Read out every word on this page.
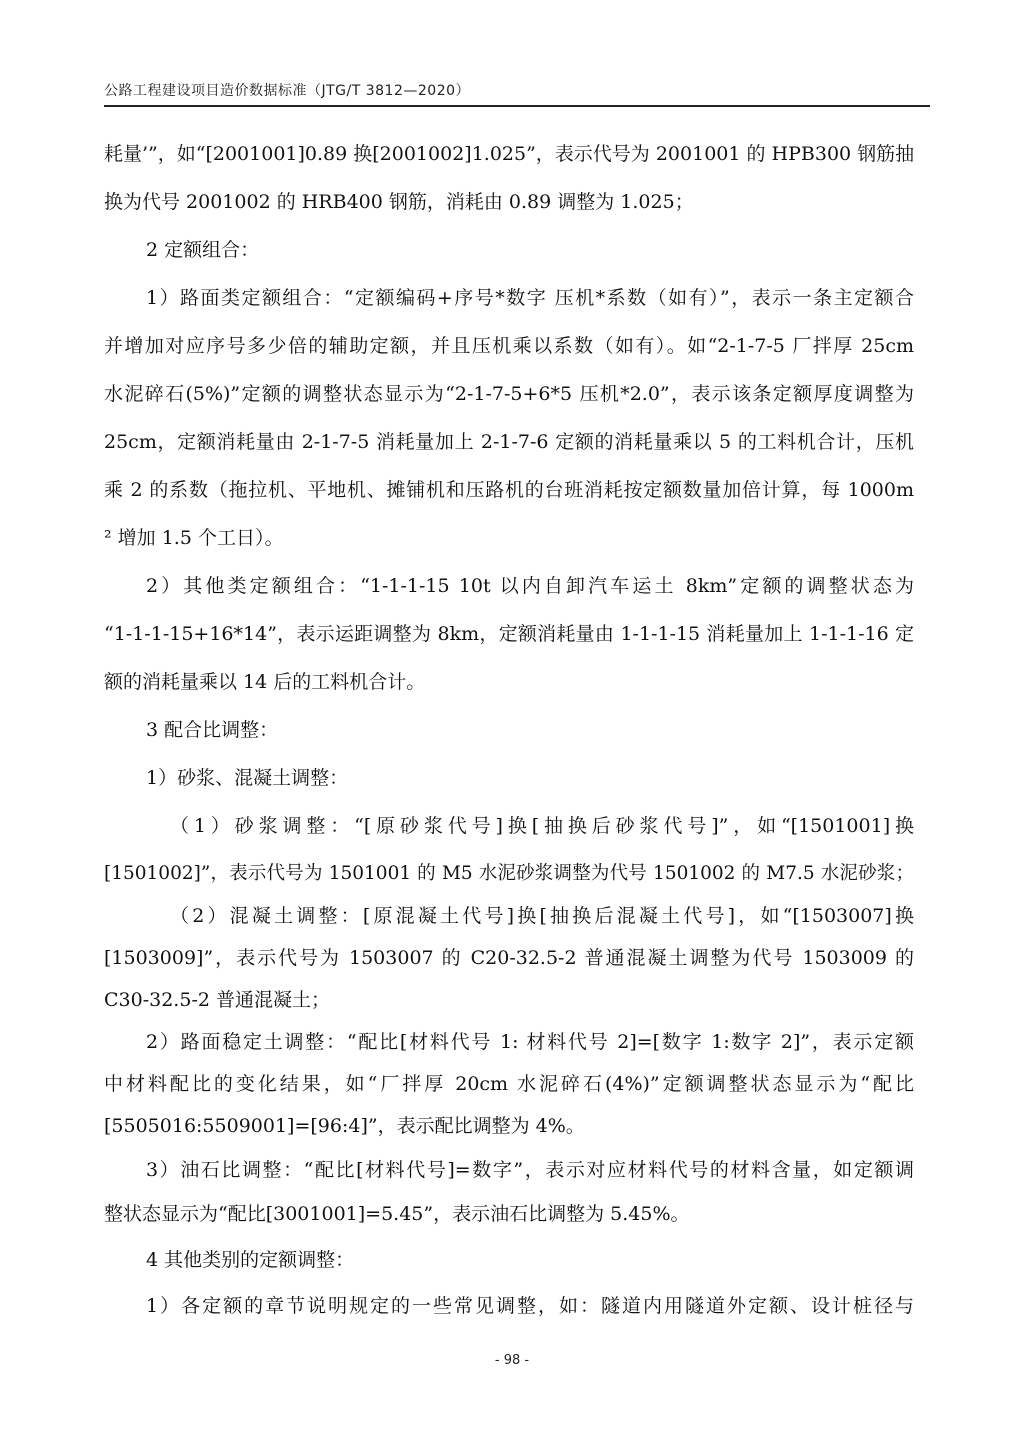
公路工程建设项目造价数据标准（JTG/T 3812—2020）
耗量’”，如“[2001001]0.89 换[2001002]1.025”，表示代号为 2001001 的 HPB300 钢筋抽
换为代号 2001002 的 HRB400 钢筋，消耗由 0.89 调整为 1.025；
2 定额组合：
1）路面类定额组合：“定额编码+序号*数字 压机*系数（如有）”，表示一条主定额合
并增加对应序号多少倍的辅助定额，并且压机乘以系数（如有）。如“2-1-7-5 厂拌厚 25cm
水泥碎石(5%)”定额的调整状态显示为“2-1-7-5+6*5 压机*2.0”，表示该条定额厚度调整为
25cm，定额消耗量由 2-1-7-5 消耗量加上 2-1-7-6 定额的消耗量乘以 5 的工料机合计，压机
乘 2 的系数（拖拉机、平地机、摊铺机和压路机的台班消耗按定额数量加倍计算，每 1000m
² 增加 1.5 个工日）。
2）其他类定额组合：“1-1-1-15 10t 以内自卸汽车运土 8km”定额的调整状态为
“1-1-1-15+16*14”，表示运距调整为 8km，定额消耗量由 1-1-1-15 消耗量加上 1-1-1-16 定
额的消耗量乘以 14 后的工料机合计。
3 配合比调整：
1）砂浆、混凝土调整：
（1）砂浆调整：“[原砂浆代号]换[抽换后砂浆代号]”，如“[1501001]换
[1501002]”，表示代号为 1501001 的 M5 水泥砂浆调整为代号 1501002 的 M7.5 水泥砂浆；
（2）混凝土调整：[原混凝土代号]换[抽换后混凝土代号]，如“[1503007]换
[1503009]”，表示代号为 1503007 的 C20-32.5-2 普通混凝土调整为代号 1503009 的
C30-32.5-2 普通混凝土；
2）路面稳定土调整：“配比[材料代号 1: 材料代号 2]=[数字 1:数字 2]”，表示定额
中材料配比的变化结果，如“厂拌厚 20cm 水泥碎石(4%)”定额调整状态显示为“配比
[5505016:5509001]=[96:4]”，表示配比调整为 4%。
3）油石比调整：“配比[材料代号]=数字”，表示对应材料代号的材料含量，如定额调
整状态显示为“配比[3001001]=5.45”，表示油石比调整为 5.45%。
4 其他类别的定额调整：
1）各定额的章节说明规定的一些常见调整，如：隧道内用隧道外定额、设计桩径与
- 98 -
